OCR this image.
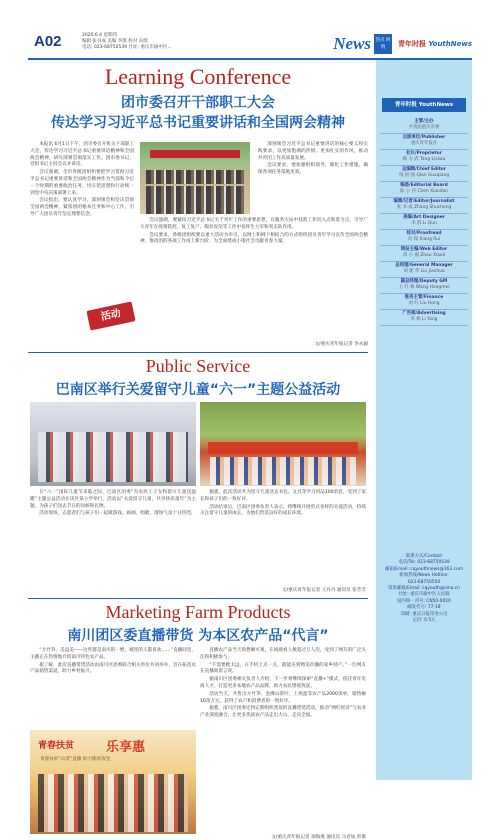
A02	2020.6.4 星期四
编辑 张书成 美编 李群 校对 向瑞
电话: 023-68750539 社址: 重庆市渝中区...	News	热点 时情	青年时报 YouthNews
Learning Conference
团市委召开干部职工大会
传达学习习近平总书记重要讲话和全国两会精神

本报讯 6月1日下午，团市委召开机关干部职工大会，传达学习习近平总书记重要讲话精神和全国两会精神，研究部署贯彻落实工作。团市委书记、党组书记主持会议并讲话。

会议强调，全市各级团组织要把学习贯彻习近平总书记重要讲话和全国两会精神作为当前和今后一个时期的重要政治任务，切实把思想和行动统一到党中央决策部署上来。

会议指出，要认真学习、深刻领会和坚决贯彻全国两会精神，紧扣团的根本任务和中心工作，引导广大团员青年坚定理想信念。

深刻领会习近平总书记重要讲话的核心要义和实践要求，以更加饱满的热情、更加扎实的作风，推动共青团工作高质量发展。

会议要求，要加强组织领导，细化工作措施，确保各项任务落地见效。

会议强调，要紧扣习近平总书记关于青年工作的重要思想，在服务大局中找准工作切入点和着力点，引导广大青年在疫情防控、复工复产、脱贫攻坚等工作中发挥生力军和突击队作用。

会议要求，各级团组织要以重大活动为牵引，以网上和网下相结合的方式组织团员青年学习宣传全国两会精神，推动团的各项工作再上新台阶，为全面建成小康社会贡献青春力量。

活动
文/重庆青年报记者 李永毅
Public Service
巴南区举行关爱留守儿童“六一”主题公益活动

在“六一”国际儿童节来临之际，巴南区团委“为农民工子女和留守儿童送温暖”主题公益活动在该区某小学举行，活动以“关爱留守儿童，共享快乐童年”为主题，为孩子们送去节日的问候和礼物。

活动现场，志愿者们与孩子们一起做游戏、画画、唱歌，现场气氛十分热烈。

据悉，此次活动共为留守儿童送去书包、文具等学习用品100余套，受到了家长和孩子们的一致好评。

活动结束后，巴南区团委负责人表示，将继续开展形式多样的关爱活动，持续关注留守儿童的成长，为他们营造良好的成长环境。

文/重庆青年报记者 王丹丹 通讯员 张芳芳
Marketing Farm Products
南川团区委直播带货 为本区农产品“代言”

“方竹笋，美益美——这些都是南川的一绝，城里的人都喜欢……”直播间里，主播正在热情地介绍南川特色农产品。

据了解，此次直播带货活动由南川区团委联合相关单位共同举办，旨在拓宽农产品销售渠道，助力乡村振兴。

青春扶贫 乐享惠
青春扶贫“山货”直播 助力脱贫攻坚

直播农产品当天销售额可观，在线观看人数超过万人次，受到了网友的广泛关注和积极参与。

“不需要跑太远，在手机上点一点，就能买到物美价廉的家乡特产。”一位网友在直播间留言说。

据南川区团委相关负责人介绍，下一步将继续探索“直播+”模式，依托青年电商人才，打造更多本地农产品品牌，助力农民增收致富。

活动当天，共售出方竹笋、金佛山茶叶、土鸡蛋等农产品2000余单，销售额10余万元，获得了农户和消费者的一致好评。

据悉，南川区团委还将定期组织类似的直播带货活动，推动“网红经济”与农业产业深度融合，让更多优质农产品走出大山、走向全国。

文/重庆青年报记者 徐海燕 通讯员 马君如 彭康
青年时报 YouthNews
主管/主办
共青团重庆市委
出版单位/Publisher
重庆青年报社
社长/Proprietor
陶 力 武 Tang Lixiwu
总编辑/Chief Editor
钱 国 强 Qian Guoqiang
编委/Editorial Board
陈 小 丹 Chen Xiaodan
编辑/记者/Editor/Journalist
张 书 成 Zhang Shucheng
美编/Art Designer
李 群 Li Qun
校对/Proofread
向 瑞 Xiang Rui
网站主编/Web Editor
周 小 丽 Zhou Xiaoli
总经理/General Manager
刘 建 华 Liu Jianhua
副总经理/Deputy GM
王 红 梅 Wang Hongmei
账务主管/Finance
刘 红 Liu Hong
广告部/Advertising
李 杨 Li Yang
联系方式/Contact
电话/Tel: 023-68750539
邮箱/Email: cqyouthnews@163.com
新闻热线/News Hotline:
023-68750550
投诉邮箱/Email: cqyouth@sina.cn
社址: 重庆市渝中区人民路
国内统一刊号: CN50-0010
邮发代号: 77-18
印刷: 重庆日报印务公司
定价: 0.5元
